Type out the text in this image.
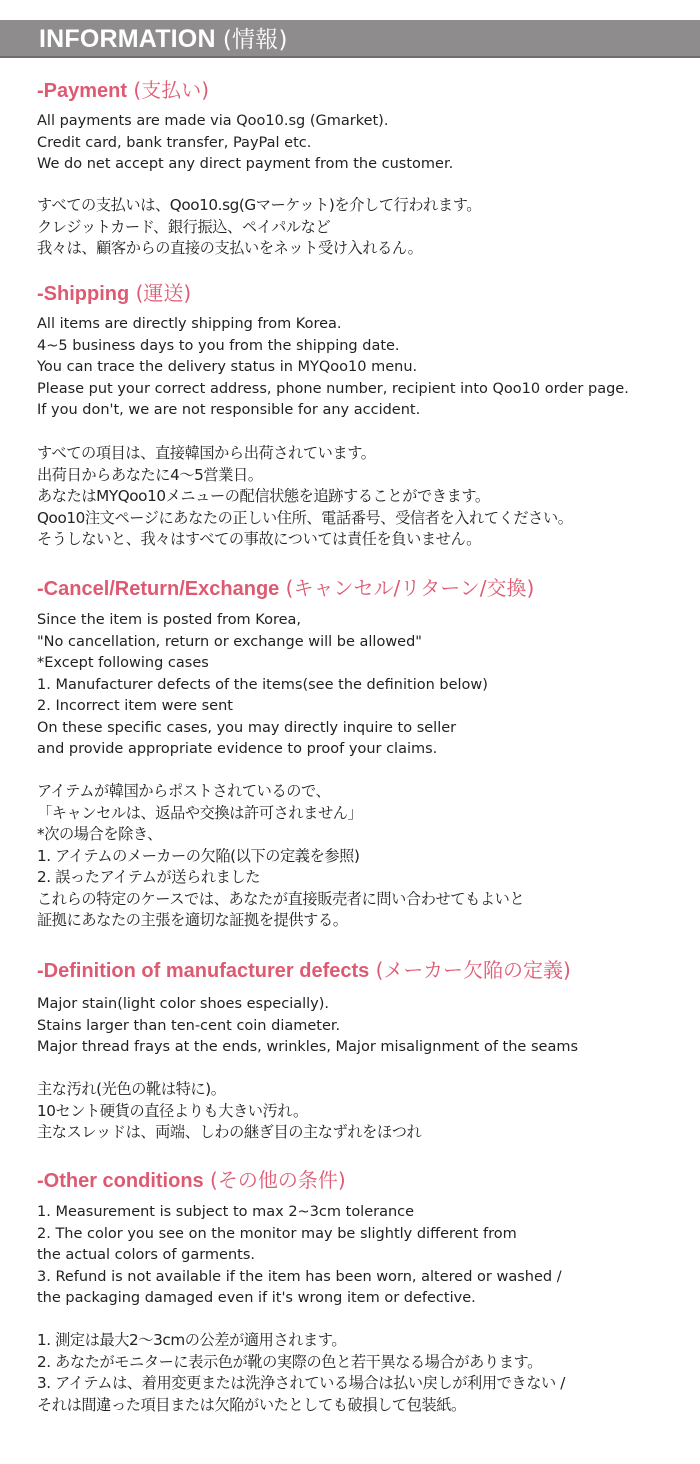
INFORMATION (情報)
-Payment (支払い)
All payments are made via Qoo10.sg (Gmarket).
Credit card, bank transfer, PayPal etc.
We do net accept any direct payment from the customer.
すべての支払いは、Qoo10.sg(Gマーケット)を介して行われます。
クレジットカード、銀行振込、ペイパルなど
我々は、顧客からの直接の支払いをネット受け入れるん。
-Shipping (運送)
All items are directly shipping from Korea.
4~5 business days to you from the shipping date.
You can trace the delivery status in MYQoo10 menu.
Please put your correct address, phone number, recipient into Qoo10 order page.
If you don't, we are not responsible for any accident.
すべての項目は、直接韓国から出荷されています。
出荷日からあなたに4〜5営業日。
あなたはMYQoo10メニューの配信状態を追跡することができます。
Qoo10注文ページにあなたの正しい住所、電話番号、受信者を入れてください。
そうしないと、我々はすべての事故については責任を負いません。
-Cancel/Return/Exchange (キャンセル/リターン/交換)
Since the item is posted from Korea,
"No cancellation, return or exchange will be allowed"
*Except following cases
1. Manufacturer defects of the items(see the definition below)
2. Incorrect item were sent
On these specific cases, you may directly inquire to seller
and provide appropriate evidence to proof your claims.
アイテムが韓国からポストされているので、
「キャンセルは、返品や交換は許可されません」
*次の場合を除き、
1. アイテムのメーカーの欠陥(以下の定義を参照)
2. 誤ったアイテムが送られました
これらの特定のケースでは、あなたが直接販売者に問い合わせてもよいと
証拠にあなたの主張を適切な証拠を提供する。
-Definition of manufacturer defects (メーカー欠陥の定義)
Major stain(light color shoes especially).
Stains larger than ten-cent coin diameter.
Major thread frays at the ends, wrinkles, Major misalignment of the seams
主な汚れ(光色の靴は特に)。
10セント硬貨の直径よりも大きい汚れ。
主なスレッドは、両端、しわの継ぎ目の主なずれをほつれ
-Other conditions (その他の条件)
1. Measurement is subject to max 2~3cm tolerance
2. The color you see on the monitor may be slightly different from
the actual colors of garments.
3. Refund is not available if the item has been worn, altered or washed /
the packaging damaged even if it's wrong item or defective.
1. 測定は最大2〜3cmの公差が適用されます。
2. あなたがモニターに表示色が靴の実際の色と若干異なる場合があります。
3. アイテムは、着用変更または洗浄されている場合は払い戻しが利用できない /
それは間違った項目または欠陥がいたとしても破損して包装紙。
